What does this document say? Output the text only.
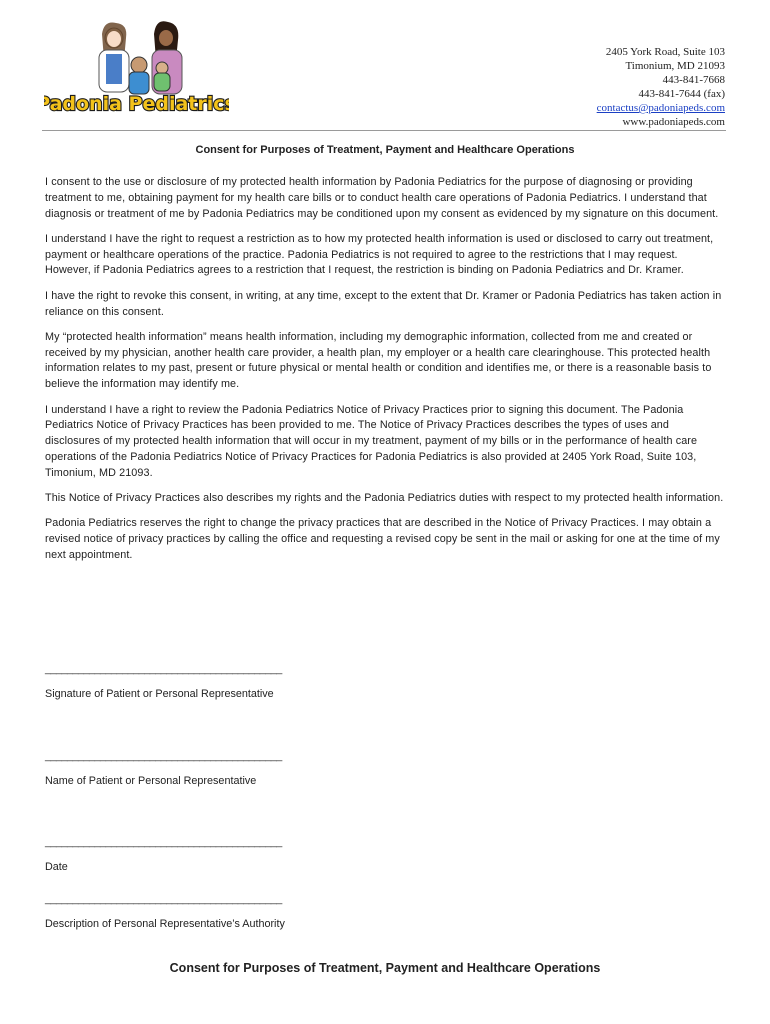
Padonia Pediatrics
2405 York Road, Suite 103
Timonium, MD 21093
443-841-7668
443-841-7644 (fax)
contactus@padoniapeds.com
www.padoniapeds.com
Consent for Purposes of Treatment, Payment and Healthcare Operations

I consent to the use or disclosure of my protected health information by Padonia Pediatrics for the purpose of diagnosing or providing treatment to me, obtaining payment for my health care bills or to conduct health care operations of Padonia Pediatrics. I understand that diagnosis or treatment of me by Padonia Pediatrics may be conditioned upon my consent as evidenced by my signature on this document.

I understand I have the right to request a restriction as to how my protected health information is used or disclosed to carry out treatment, payment or healthcare operations of the practice. Padonia Pediatrics is not required to agree to the restrictions that I may request. However, if Padonia Pediatrics agrees to a restriction that I request, the restriction is binding on Padonia Pediatrics and Dr. Kramer.

I have the right to revoke this consent, in writing, at any time, except to the extent that Dr. Kramer or Padonia Pediatrics has taken action in reliance on this consent.

My “protected health information” means health information, including my demographic information, collected from me and created or received by my physician, another health care provider, a health plan, my employer or a health care clearinghouse. This protected health information relates to my past, present or future physical or mental health or condition and identifies me, or there is a reasonable basis to believe the information may identify me.

I understand I have a right to review the Padonia Pediatrics Notice of Privacy Practices prior to signing this document. The Padonia Pediatrics Notice of Privacy Practices has been provided to me. The Notice of Privacy Practices describes the types of uses and disclosures of my protected health information that will occur in my treatment, payment of my bills or in the performance of health care operations of the Padonia Pediatrics Notice of Privacy Practices for Padonia Pediatrics is also provided at 2405 York Road, Suite 103, Timonium, MD 21093.

This Notice of Privacy Practices also describes my rights and the Padonia Pediatrics duties with respect to my protected health information.

Padonia Pediatrics reserves the right to change the privacy practices that are described in the Notice of Privacy Practices. I may obtain a revised notice of privacy practices by calling the office and requesting a revised copy be sent in the mail or asking for one at the time of my next appointment.

___________________________________________
Signature of Patient or Personal Representative
___________________________________________
Name of Patient or Personal Representative
___________________________________________
Date
___________________________________________
Description of Personal Representative’s Authority
Consent for Purposes of Treatment, Payment and Healthcare Operations
